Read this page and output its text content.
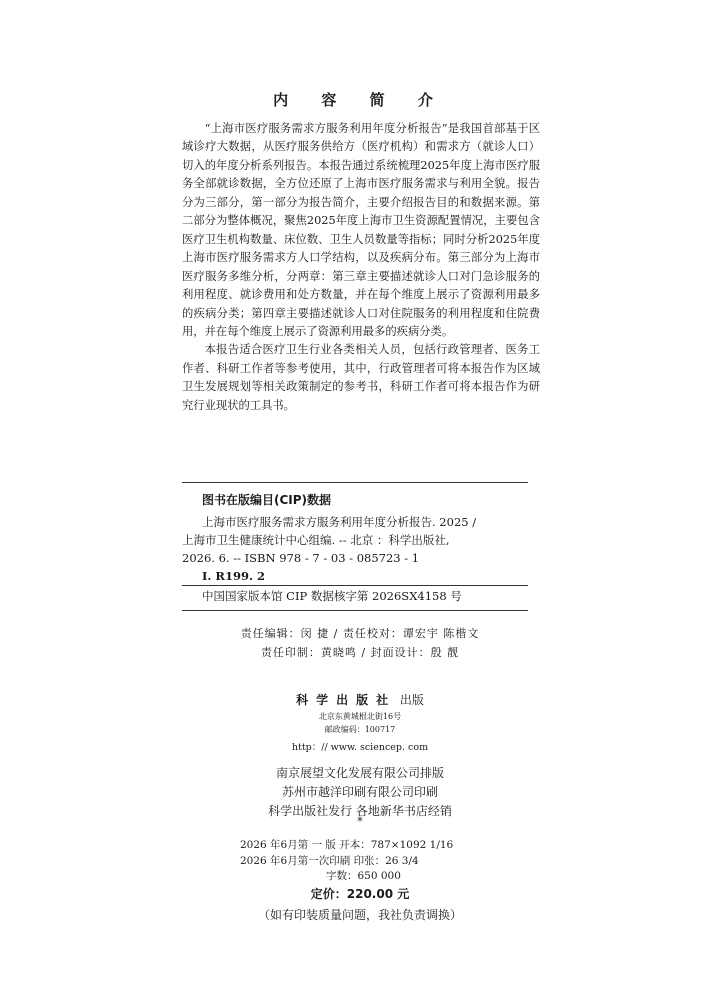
内 容 简 介

“上海市医疗服务需求方服务利用年度分析报告”是我国首部基于区域诊疗大数据，从医疗服务供给方（医疗机构）和需求方（就诊人口）切入的年度分析系列报告。本报告通过系统梳理2025年度上海市医疗服务全部就诊数据，全方位还原了上海市医疗服务需求与利用全貌。报告分为三部分，第一部分为报告简介，主要介绍报告目的和数据来源。第二部分为整体概况，聚焦2025年度上海市卫生资源配置情况，主要包含医疗卫生机构数量、床位数、卫生人员数量等指标；同时分析2025年度上海市医疗服务需求方人口学结构，以及疾病分布。第三部分为上海市医疗服务多维分析，分两章：第三章主要描述就诊人口对门急诊服务的利用程度、就诊费用和处方数量，并在每个维度上展示了资源利用最多的疾病分类；第四章主要描述就诊人口对住院服务的利用程度和住院费用，并在每个维度上展示了资源利用最多的疾病分类。

本报告适合医疗卫生行业各类相关人员，包括行政管理者、医务工作者、科研工作者等参考使用，其中，行政管理者可将本报告作为区域卫生发展规划等相关政策制定的参考书，科研工作者可将本报告作为研究行业现状的工具书。

图书在版编目(CIP)数据
上海市医疗服务需求方服务利用年度分析报告. 2025 /
上海市卫生健康统计中心组编. -- 北京 ：科学出版社,
2026. 6. -- ISBN 978 - 7 - 03 - 085723 - 1
Ⅰ. R199. 2
中国国家版本馆 CIP 数据核字第 2026SX4158 号
责任编辑：闵 捷 / 责任校对：谭宏宇 陈楷文
责任印制：黄晓鸣 / 封面设计：殷 靓
科学出版社 出版
北京东黄城根北街16号
邮政编码：100717
http：// www. sciencep. com
南京展望文化发展有限公司排版
苏州市越洋印刷有限公司印刷
科学出版社发行 各地新华书店经销
*
2026 年6月第 一 版 开本：787×1092 1/16
2026 年6月第一次印刷 印张：26 3/4
字数：650 000
定价：220.00 元
（如有印装质量问题，我社负责调换）
